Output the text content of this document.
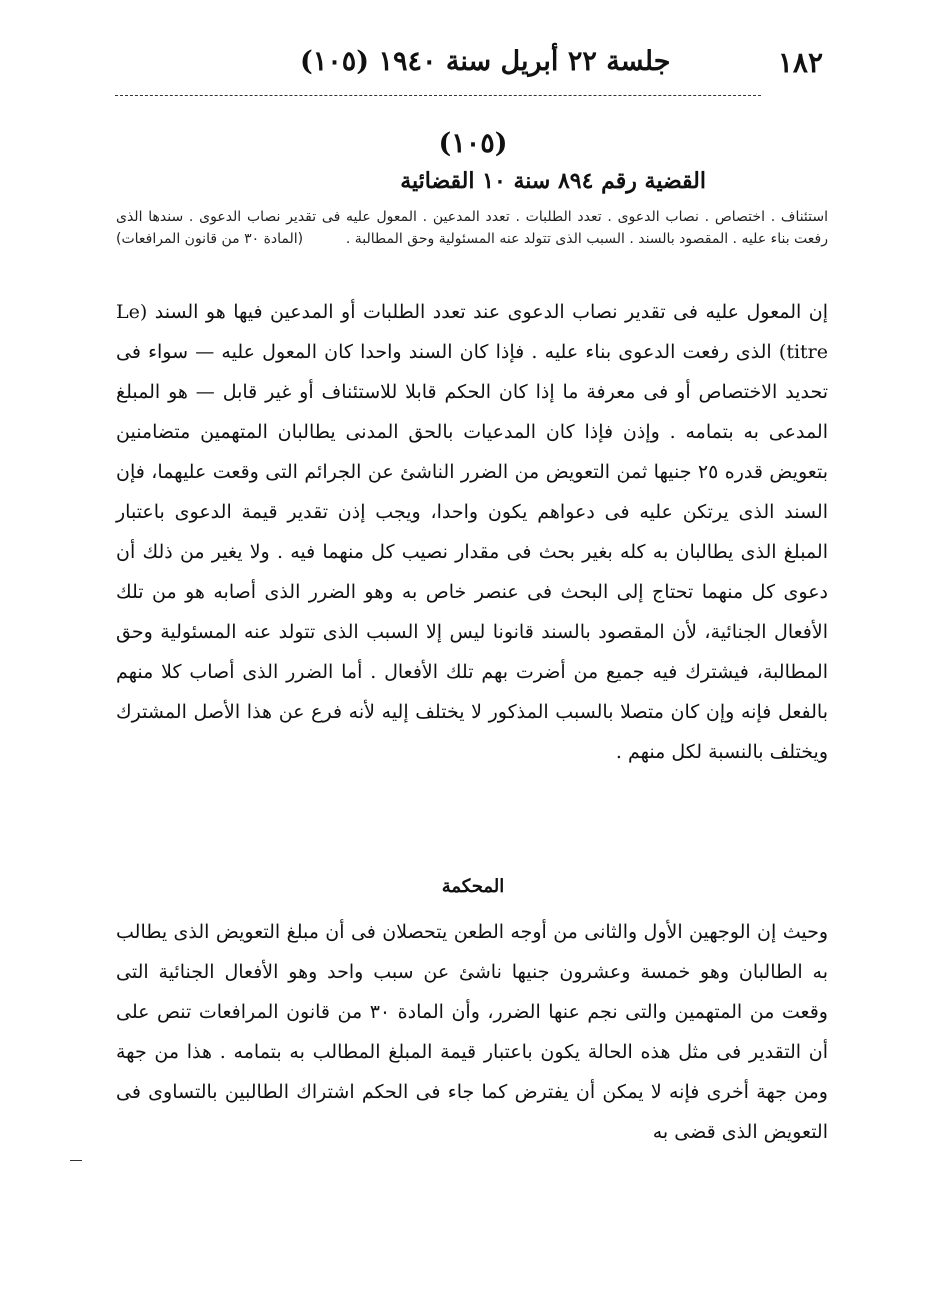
١٨٢
جلسة ٢٢ أبريل سنة ١٩٤٠ (١٠٥)
(١٠٥)
القضية رقم ٨٩٤ سنة ١٠ القضائية
استئناف . اختصاص . نصاب الدعوى . تعدد الطلبات . تعدد المدعين . المعول عليه فى تقدير نصاب الدعوى . سندها الذى رفعت بناء عليه . المقصود بالسند . السبب الذى تتولد عنه المسئولية وحق المطالبة .
(المادة ٣٠ من قانون المرافعات)

إن المعول عليه فى تقدير نصاب الدعوى عند تعدد الطلبات أو المدعين فيها هو السند (Le titre) الذى رفعت الدعوى بناء عليه . فإذا كان السند واحدا كان المعول عليه — سواء فى تحديد الاختصاص أو فى معرفة ما إذا كان الحكم قابلا للاستئناف أو غير قابل — هو المبلغ المدعى به بتمامه . وإذن فإذا كان المدعيات بالحق المدنى يطالبان المتهمين متضامنين بتعويض قدره ٢٥ جنيها ثمن التعويض من الضرر الناشئ عن الجرائم التى وقعت عليهما، فإن السند الذى يرتكن عليه فى دعواهم يكون واحدا، ويجب إذن تقدير قيمة الدعوى باعتبار المبلغ الذى يطالبان به كله بغير بحث فى مقدار نصيب كل منهما فيه . ولا يغير من ذلك أن دعوى كل منهما تحتاج إلى البحث فى عنصر خاص به وهو الضرر الذى أصابه هو من تلك الأفعال الجنائية، لأن المقصود بالسند قانونا ليس إلا السبب الذى تتولد عنه المسئولية وحق المطالبة، فيشترك فيه جميع من أضرت بهم تلك الأفعال . أما الضرر الذى أصاب كلا منهم بالفعل فإنه وإن كان متصلا بالسبب المذكور لا يختلف إليه لأنه فرع عن هذا الأصل المشترك ويختلف بالنسبة لكل منهم .

المحكمة

وحيث إن الوجهين الأول والثانى من أوجه الطعن يتحصلان فى أن مبلغ التعويض الذى يطالب به الطالبان وهو خمسة وعشرون جنيها ناشئ عن سبب واحد وهو الأفعال الجنائية التى وقعت من المتهمين والتى نجم عنها الضرر، وأن المادة ٣٠ من قانون المرافعات تنص على أن التقدير فى مثل هذه الحالة يكون باعتبار قيمة المبلغ المطالب به بتمامه . هذا من جهة ومن جهة أخرى فإنه لا يمكن أن يفترض كما جاء فى الحكم اشتراك الطالبين بالتساوى فى التعويض الذى قضى به
